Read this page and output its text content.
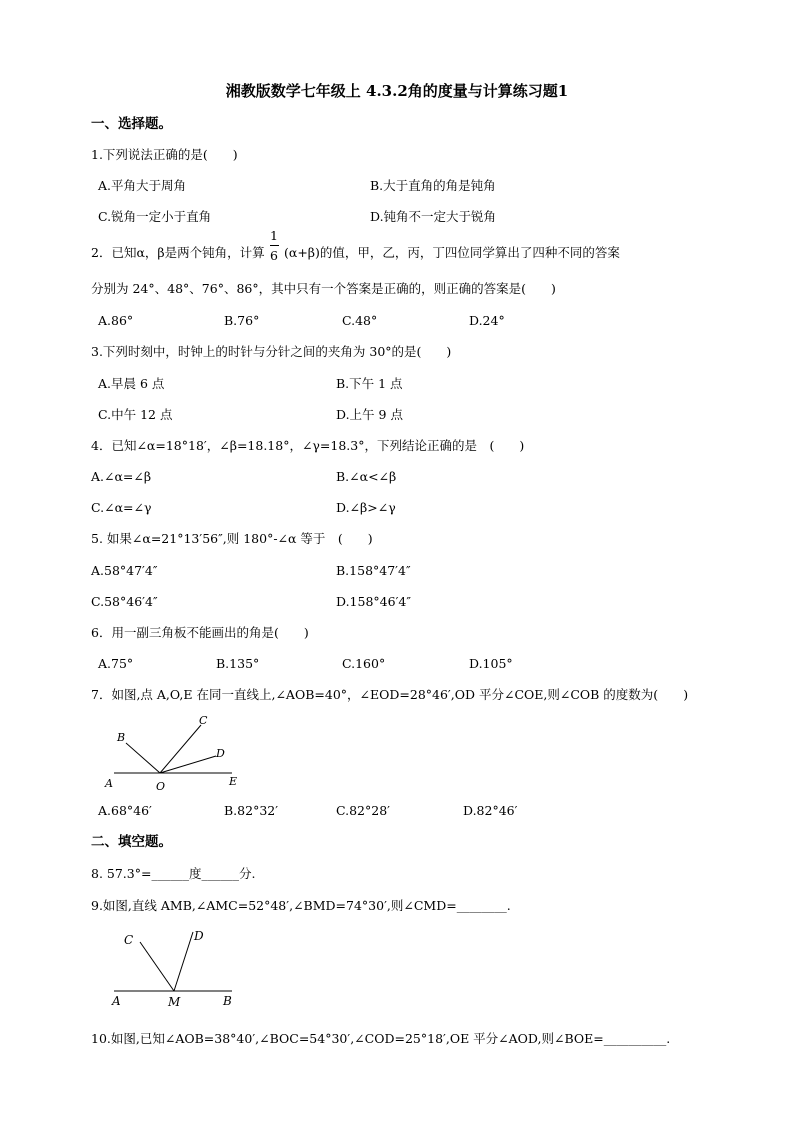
湘教版数学七年级上 4.3.2角的度量与计算练习题1
一、选择题。
1.下列说法正确的是(　　)
A.平角大于周角	B.大于直角的角是钝角
C.锐角一定小于直角	D.钝角不一定大于锐角
2．已知α，β是两个钝角，计算
1
6 (α+β)的值，甲，乙，丙，丁四位同学算出了四种不同的答案
分别为 24°、48°、76°、86°，其中只有一个答案是正确的，则正确的答案是(　　)
A.86°	B.76°	C.48°	D.24°
3.下列时刻中，时钟上的时针与分针之间的夹角为 30°的是(　　)
A.早晨 6 点	B.下午 1 点
C.中午 12 点	D.上午 9 点
4．已知∠α=18°18′，∠β=18.18°，∠γ=18.3°，下列结论正确的是　(　　)
A.∠α=∠β	B.∠α<∠β
C.∠α=∠γ	D.∠β>∠γ
5. 如果∠α=21°13′56″,则 180°-∠α 等于　(　　)
A.58°47′4″	B.158°47′4″
C.58°46′4″	D.158°46′4″
6．用一副三角板不能画出的角是(　　)
A.75°	B.135°	C.160°	D.105°
7．如图,点 A,O,E 在同一直线上,∠AOB=40°，∠EOD=28°46′,OD 平分∠COE,则∠COB 的度数为(　　)
A	O	E
B
C
D
A.68°46′	B.82°32′	C.82°28′	D.82°46′
二、填空题。
8. 57.3°=______度______分.
9.如图,直线 AMB,∠AMC=52°48′,∠BMD=74°30′,则∠CMD=________.
A	M	B
C	D
10.如图,已知∠AOB=38°40′,∠BOC=54°30′,∠COD=25°18′,OE 平分∠AOD,则∠BOE=__________.
